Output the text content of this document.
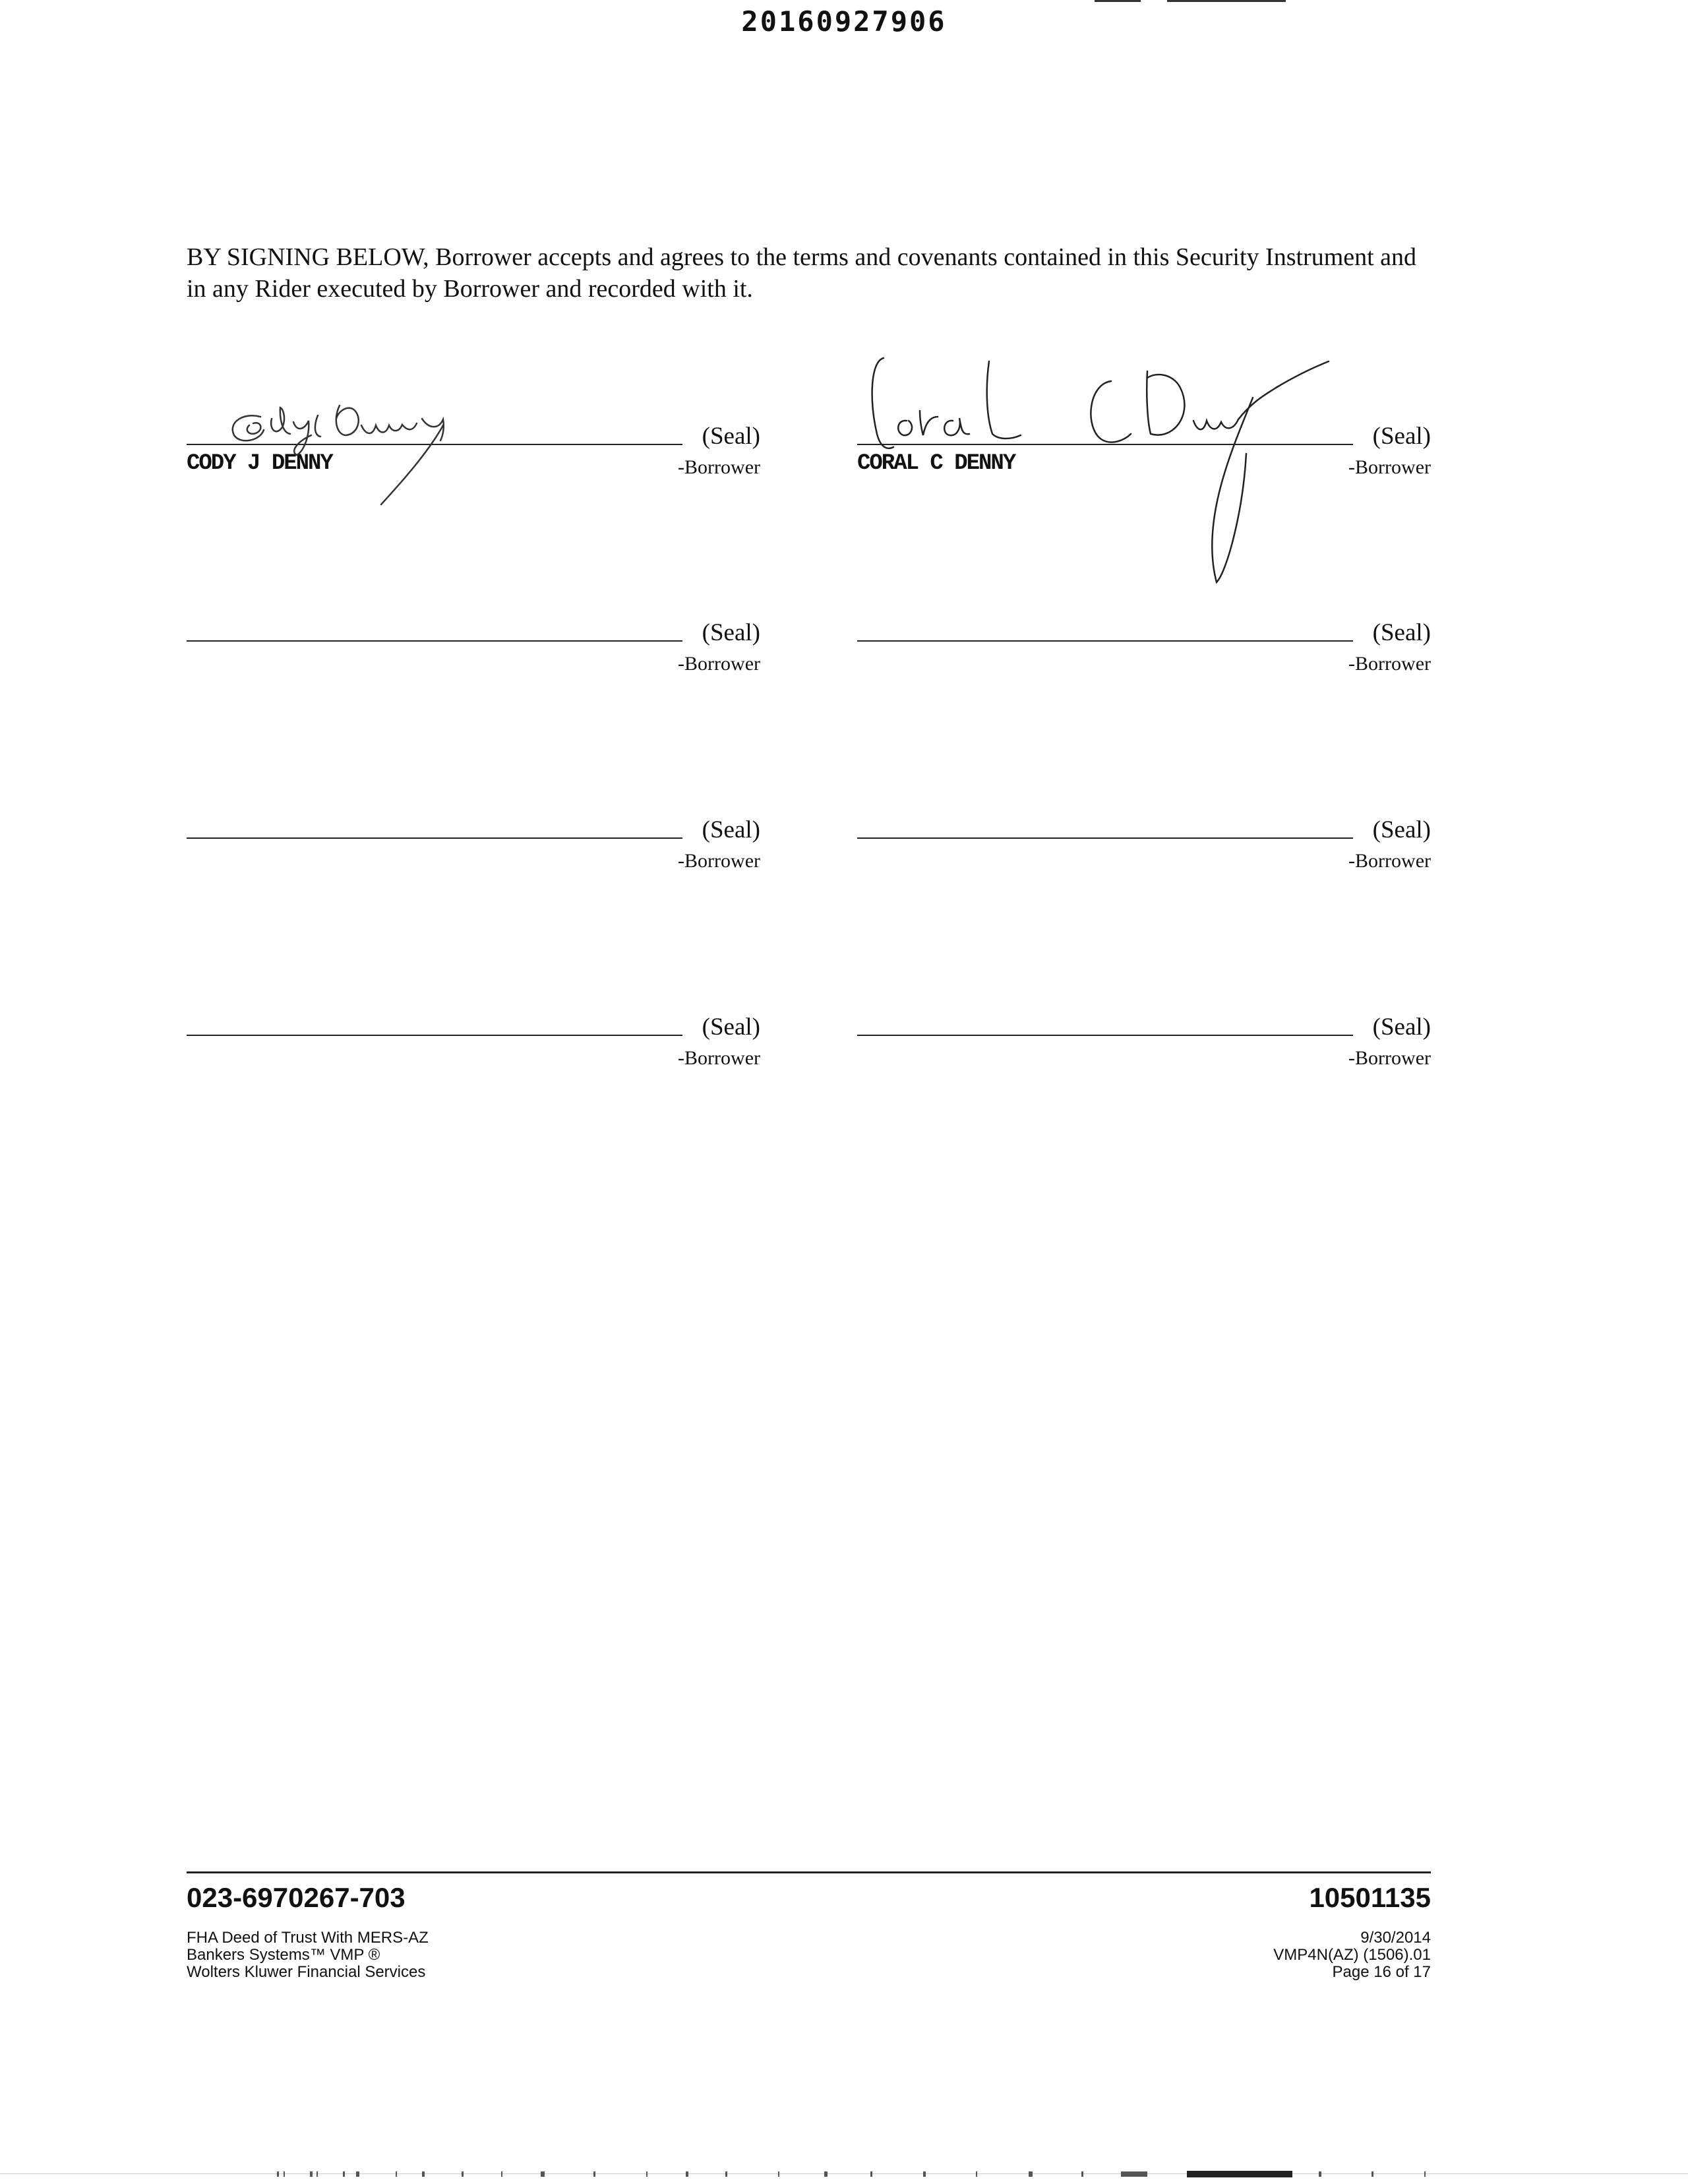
20160927906

BY SIGNING BELOW, Borrower accepts and agrees to the terms and covenants contained in this Security Instrument and in any Rider executed by Borrower and recorded with it.

(Seal)
-Borrower
CODY J DENNY
(Seal)
-Borrower
CORAL C DENNY
(Seal)
-Borrower
(Seal)
-Borrower
(Seal)
-Borrower
(Seal)
-Borrower
(Seal)
-Borrower
(Seal)
-Borrower
023-6970267-703	10501135
FHA Deed of Trust With MERS-AZ
Bankers Systems™ VMP ®
Wolters Kluwer Financial Services
9/30/2014
VMP4N(AZ) (1506).01
Page 16 of 17
